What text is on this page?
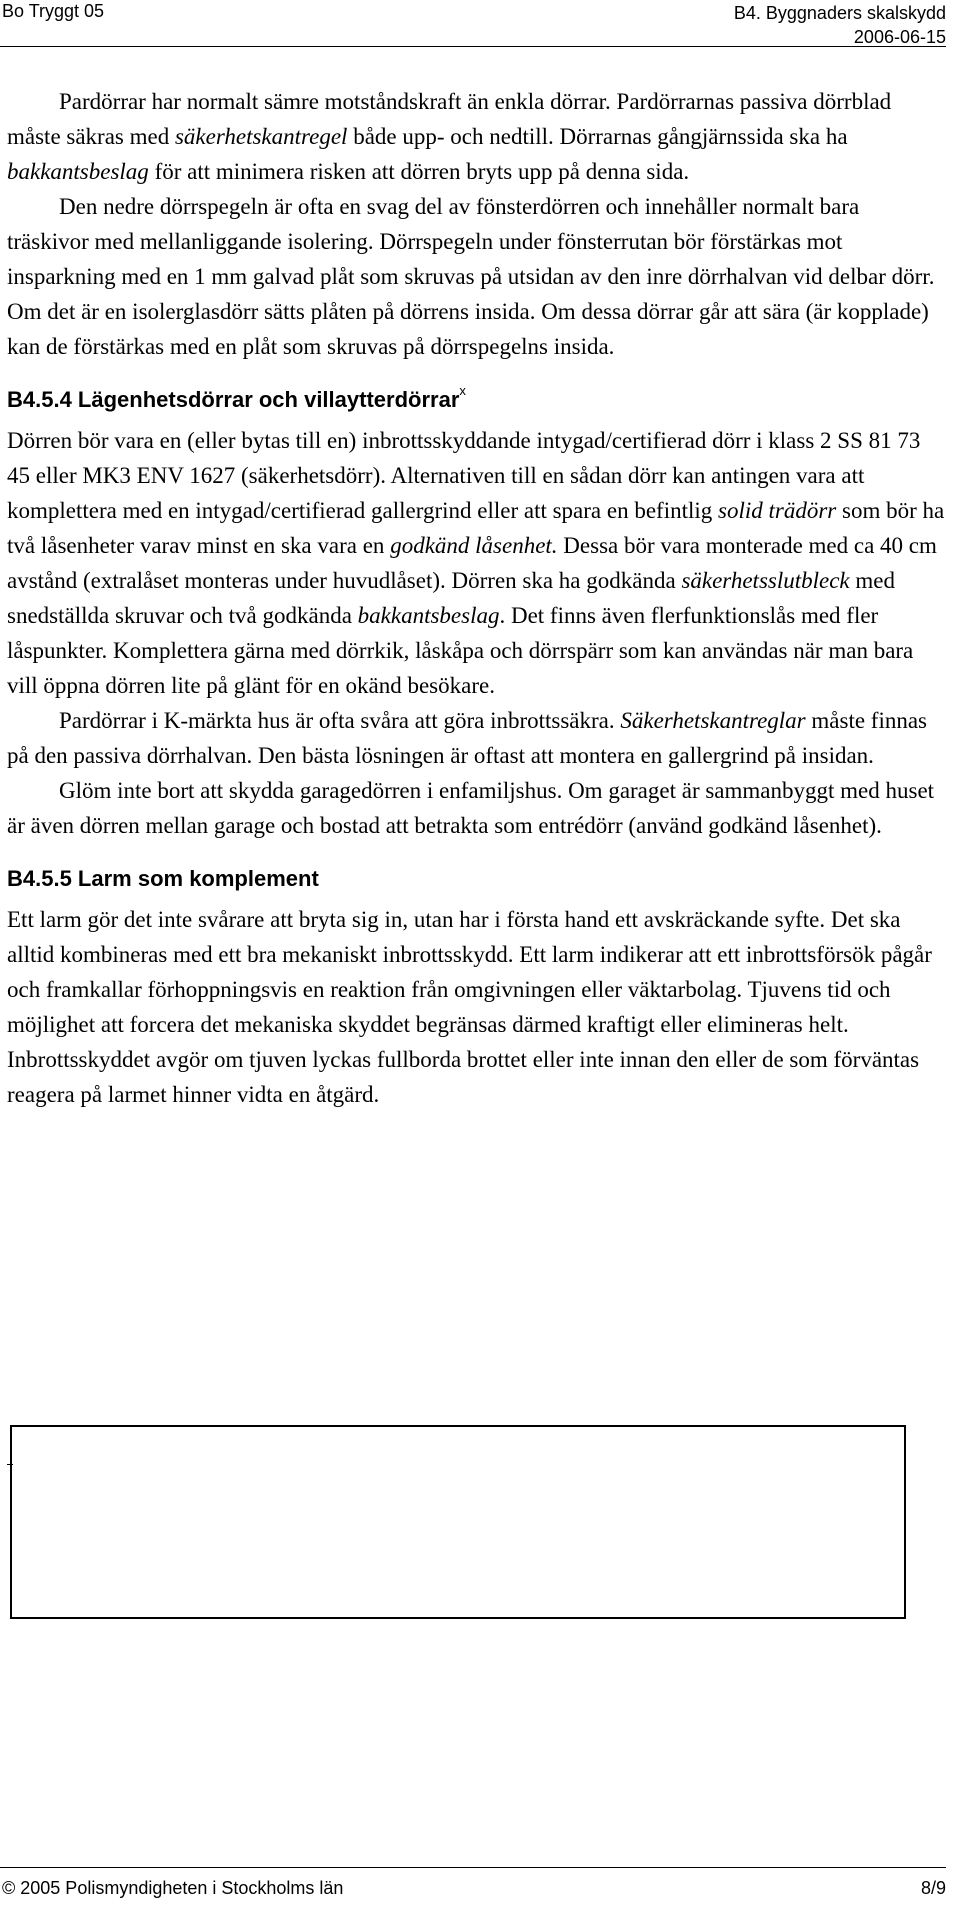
Bo Tryggt 05	B4. Byggnaders skalskydd
2006-06-15

Pardörrar har normalt sämre motståndskraft än enkla dörrar. Pardörrarnas passiva dörrblad måste säkras med säkerhetskantregel både upp- och nedtill. Dörrarnas gångjärnssida ska ha bakkantsbeslag för att minimera risken att dörren bryts upp på denna sida.

Den nedre dörrspegeln är ofta en svag del av fönsterdörren och innehåller normalt bara träskivor med mellanliggande isolering. Dörrspegeln under fönsterrutan bör förstärkas mot insparkning med en 1 mm galvad plåt som skruvas på utsidan av den inre dörrhalvan vid delbar dörr. Om det är en isolerglasdörr sätts plåten på dörrens insida. Om dessa dörrar går att sära (är kopplade) kan de förstärkas med en plåt som skruvas på dörrspegelns insida.

B4.5.4 Lägenhetsdörrar och villaytterdörrar$^x$

Dörren bör vara en (eller bytas till en) inbrottsskyddande intygad/certifierad dörr i klass 2 SS 81 73 45 eller MK3 ENV 1627 (säkerhetsdörr). Alternativen till en sådan dörr kan antingen vara att komplettera med en intygad/certifierad gallergrind eller att spara en befintlig solid trädörr som bör ha två låsenheter varav minst en ska vara en godkänd låsenhet. Dessa bör vara monterade med ca 40 cm avstånd (extralåset monteras under huvudlåset). Dörren ska ha godkända säkerhetsslutbleck med snedställda skruvar och två godkända bakkantsbeslag. Det finns även flerfunktionslås med fler låspunkter. Komplettera gärna med dörrkik, låskåpa och dörrspärr som kan användas när man bara vill öppna dörren lite på glänt för en okänd besökare.

Pardörrar i K-märkta hus är ofta svåra att göra inbrottssäkra. Säkerhetskantreglar måste finnas på den passiva dörrhalvan. Den bästa lösningen är oftast att montera en gallergrind på insidan.

Glöm inte bort att skydda garagedörren i enfamiljshus. Om garaget är sammanbyggt med huset är även dörren mellan garage och bostad att betrakta som entrédörr (använd godkänd låsenhet).

B4.5.5 Larm som komplement

Ett larm gör det inte svårare att bryta sig in, utan har i första hand ett avskräckande syfte. Det ska alltid kombineras med ett bra mekaniskt inbrottsskydd. Ett larm indikerar att ett inbrottsförsök pågår och framkallar förhoppningsvis en reaktion från omgivningen eller väktarbolag. Tjuvens tid och möjlighet att forcera det mekaniska skyddet begränsas därmed kraftigt eller elimineras helt. Inbrottsskyddet avgör om tjuven lyckas fullborda brottet eller inte innan den eller de som förväntas reagera på larmet hinner vidta en åtgärd.

© 2005 Polismyndigheten i Stockholms län	8/9
